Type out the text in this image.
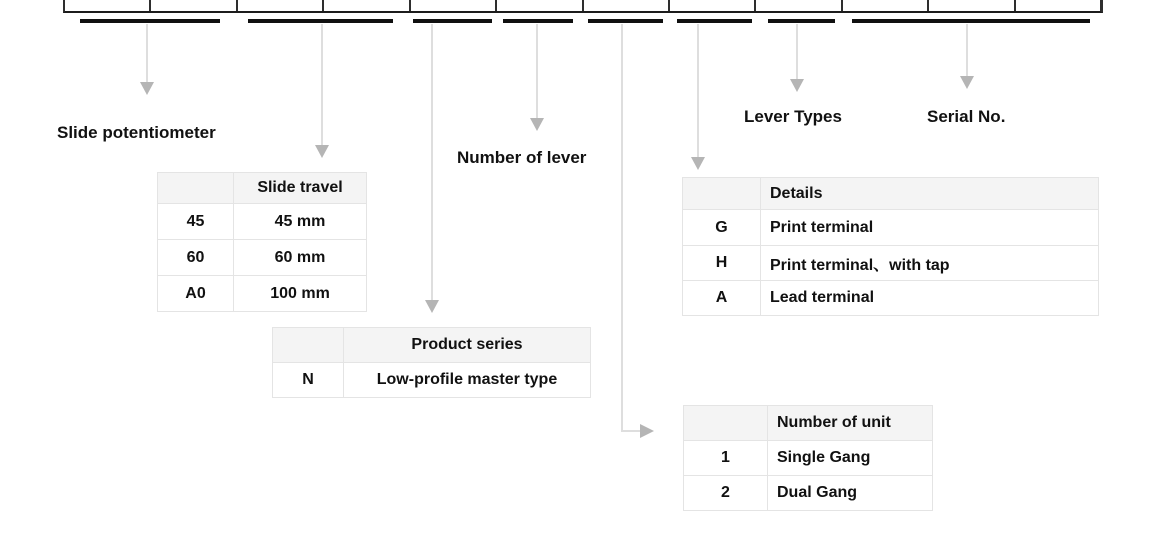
Slide potentiometer
Number of lever
Lever Types	Serial No.
	Slide travel
45	45 mm
60	60 mm
A0	100 mm
	Product series
N	Low-profile master type
	Details
G	Print terminal
H	Print terminal、with tap
A	Lead terminal
	Number of unit
1	Single Gang
2	Dual Gang
